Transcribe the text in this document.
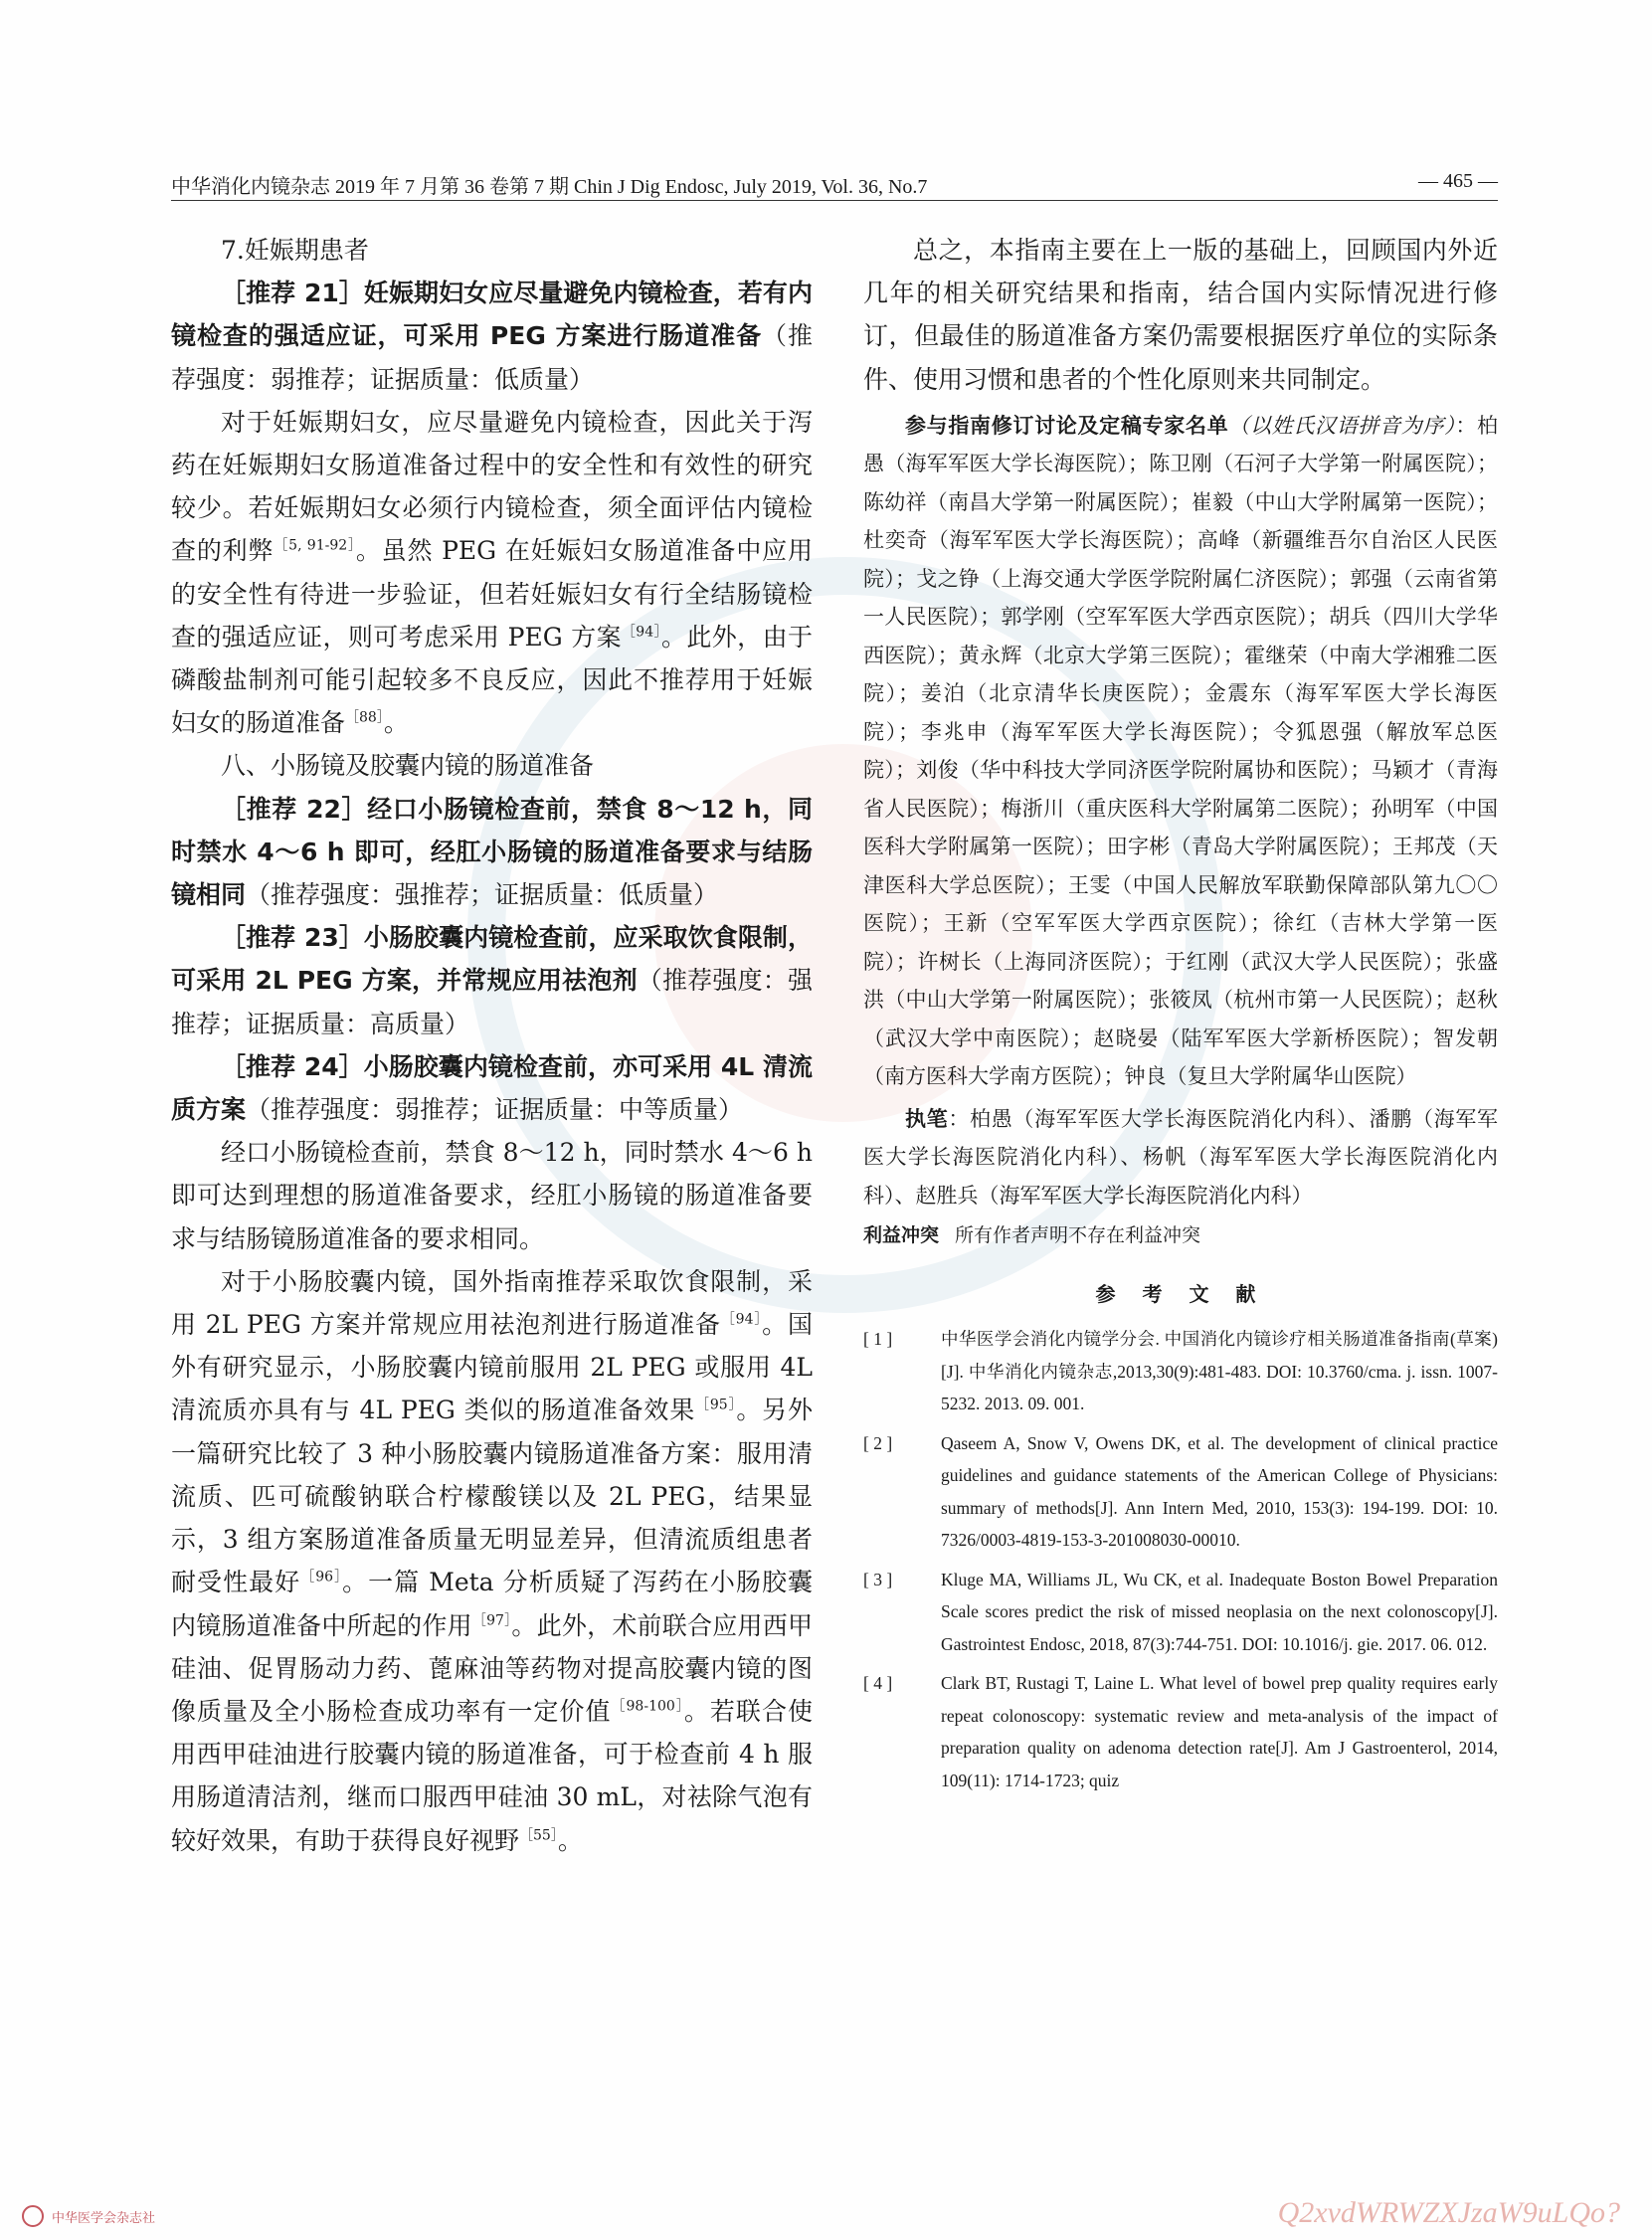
中华消化内镜杂志 2019 年 7 月第 36 卷第 7 期 Chin J Dig Endosc, July 2019, Vol. 36, No.7	— 465 —

7.妊娠期患者

［推荐 21］妊娠期妇女应尽量避免内镜检查，若有内镜检查的强适应证，可采用 PEG 方案进行肠道准备（推荐强度：弱推荐；证据质量：低质量）

对于妊娠期妇女，应尽量避免内镜检查，因此关于泻药在妊娠期妇女肠道准备过程中的安全性和有效性的研究较少。若妊娠期妇女必须行内镜检查，须全面评估内镜检查的利弊$^{[5, 91-92]}$。虽然 PEG 在妊娠妇女肠道准备中应用的安全性有待进一步验证，但若妊娠妇女有行全结肠镜检查的强适应证，则可考虑采用 PEG 方案$^{[94]}$。此外，由于磷酸盐制剂可能引起较多不良反应，因此不推荐用于妊娠妇女的肠道准备$^{[88]}$。

八、小肠镜及胶囊内镜的肠道准备

［推荐 22］经口小肠镜检查前，禁食 8～12 h，同时禁水 4～6 h 即可，经肛小肠镜的肠道准备要求与结肠镜相同（推荐强度：强推荐；证据质量：低质量）

［推荐 23］小肠胶囊内镜检查前，应采取饮食限制，可采用 2L PEG 方案，并常规应用祛泡剂（推荐强度：强推荐；证据质量：高质量）

［推荐 24］小肠胶囊内镜检查前，亦可采用 4L 清流质方案（推荐强度：弱推荐；证据质量：中等质量）

经口小肠镜检查前，禁食 8～12 h，同时禁水 4～6 h 即可达到理想的肠道准备要求，经肛小肠镜的肠道准备要求与结肠镜肠道准备的要求相同。

对于小肠胶囊内镜，国外指南推荐采取饮食限制，采用 2L PEG 方案并常规应用祛泡剂进行肠道准备$^{[94]}$。国外有研究显示，小肠胶囊内镜前服用 2L PEG 或服用 4L 清流质亦具有与 4L PEG 类似的肠道准备效果$^{[95]}$。另外一篇研究比较了 3 种小肠胶囊内镜肠道准备方案：服用清流质、匹可硫酸钠联合柠檬酸镁以及 2L PEG，结果显示，3 组方案肠道准备质量无明显差异，但清流质组患者耐受性最好$^{[96]}$。一篇 Meta 分析质疑了泻药在小肠胶囊内镜肠道准备中所起的作用$^{[97]}$。此外，术前联合应用西甲硅油、促胃肠动力药、蓖麻油等药物对提高胶囊内镜的图像质量及全小肠检查成功率有一定价值$^{[98-100]}$。若联合使用西甲硅油进行胶囊内镜的肠道准备，可于检查前 4 h 服用肠道清洁剂，继而口服西甲硅油 30 mL，对祛除气泡有较好效果，有助于获得良好视野$^{[55]}$。

总之，本指南主要在上一版的基础上，回顾国内外近几年的相关研究结果和指南，结合国内实际情况进行修订，但最佳的肠道准备方案仍需要根据医疗单位的实际条件、使用习惯和患者的个性化原则来共同制定。

参与指南修订讨论及定稿专家名单（以姓氏汉语拼音为序）：柏愚（海军军医大学长海医院）；陈卫刚（石河子大学第一附属医院）；陈幼祥（南昌大学第一附属医院）；崔毅（中山大学附属第一医院）；杜奕奇（海军军医大学长海医院）；高峰（新疆维吾尔自治区人民医院）；戈之铮（上海交通大学医学院附属仁济医院）；郭强（云南省第一人民医院）；郭学刚（空军军医大学西京医院）；胡兵（四川大学华西医院）；黄永辉（北京大学第三医院）；霍继荣（中南大学湘雅二医院）；姜泊（北京清华长庚医院）；金震东（海军军医大学长海医院）；李兆申（海军军医大学长海医院）；令狐恩强（解放军总医院）；刘俊（华中科技大学同济医学院附属协和医院）；马颖才（青海省人民医院）；梅浙川（重庆医科大学附属第二医院）；孙明军（中国医科大学附属第一医院）；田字彬（青岛大学附属医院）；王邦茂（天津医科大学总医院）；王雯（中国人民解放军联勤保障部队第九〇〇医院）；王新（空军军医大学西京医院）；徐红（吉林大学第一医院）；许树长（上海同济医院）；于红刚（武汉大学人民医院）；张盛洪（中山大学第一附属医院）；张筱凤（杭州市第一人民医院）；赵秋（武汉大学中南医院）；赵晓晏（陆军军医大学新桥医院）；智发朝（南方医科大学南方医院）；钟良（复旦大学附属华山医院）

执笔：柏愚（海军军医大学长海医院消化内科）、潘鹏（海军军医大学长海医院消化内科）、杨帆（海军军医大学长海医院消化内科）、赵胜兵（海军军医大学长海医院消化内科）

利益冲突 所有作者声明不存在利益冲突

参 考 文 献

[ 1 ]	中华医学会消化内镜学分会. 中国消化内镜诊疗相关肠道准备指南(草案)[J]. 中华消化内镜杂志,2013,30(9):481-483. DOI: 10.3760/cma. j. issn. 1007-5232. 2013. 09. 001.

[ 2 ]	Qaseem A, Snow V, Owens DK, et al. The development of clinical practice guidelines and guidance statements of the American College of Physicians: summary of methods[J]. Ann Intern Med, 2010, 153(3): 194-199. DOI: 10. 7326/0003-4819-153-3-201008030-00010.

[ 3 ]	Kluge MA, Williams JL, Wu CK, et al. Inadequate Boston Bowel Preparation Scale scores predict the risk of missed neoplasia on the next colonoscopy[J]. Gastrointest Endosc, 2018, 87(3):744-751. DOI: 10.1016/j. gie. 2017. 06. 012.

[ 4 ]	Clark BT, Rustagi T, Laine L. What level of bowel prep quality requires early repeat colonoscopy: systematic review and meta-analysis of the impact of preparation quality on adenoma detection rate[J]. Am J Gastroenterol, 2014, 109(11): 1714-1723; quiz

中华医学会杂志社	Q2xvdWRWZXJzaW9uLQo?
